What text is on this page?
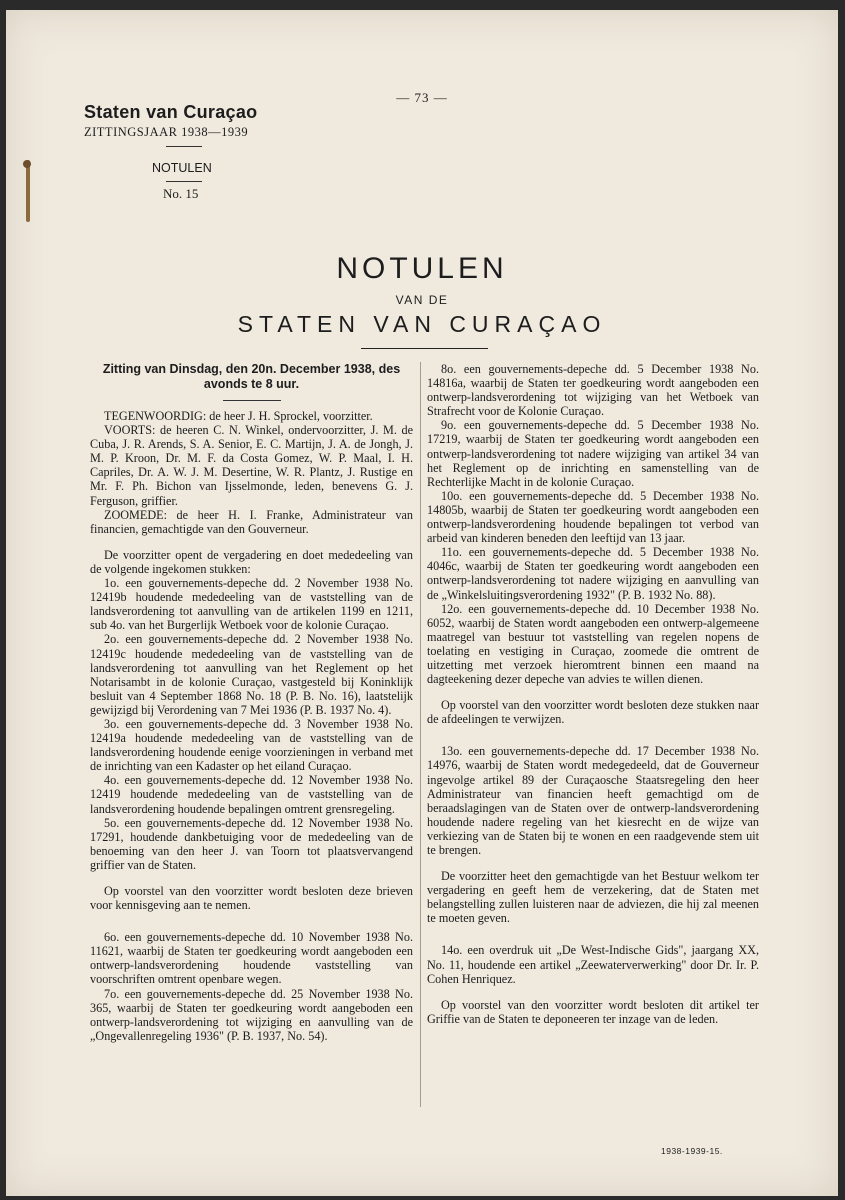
— 73 —
Staten van Curaçao
ZITTINGSJAAR 1938—1939
NOTULEN
No. 15
NOTULEN
VAN DE
STATEN VAN CURAÇAO
Zitting van Dinsdag, den 20n. December 1938, des avonds te 8 uur.

TEGENWOORDIG: de heer J. H. Sprockel, voorzitter.

VOORTS: de heeren C. N. Winkel, ondervoorzitter, J. M. de Cuba, J. R. Arends, S. A. Senior, E. C. Martijn, J. A. de Jongh, J. M. P. Kroon, Dr. M. F. da Costa Gomez, W. P. Maal, I. H. Capriles, Dr. A. W. J. M. Desertine, W. R. Plantz, J. Rustige en Mr. F. Ph. Bichon van Ijsselmonde, leden, benevens G. J. Ferguson, griffier.

ZOOMEDE: de heer H. I. Franke, Administrateur van financien, gemachtigde van den Gouverneur.

De voorzitter opent de vergadering en doet mededeeling van de volgende ingekomen stukken:

1o. een gouvernements-depeche dd. 2 November 1938 No. 12419b houdende mededeeling van de vaststelling van de landsverordening tot aanvulling van de artikelen 1199 en 1211, sub 4o. van het Burgerlijk Wetboek voor de kolonie Curaçao.

2o. een gouvernements-depeche dd. 2 November 1938 No. 12419c houdende mededeeling van de vaststelling van de landsverordening tot aanvulling van het Reglement op het Notarisambt in de kolonie Curaçao, vastgesteld bij Koninklijk besluit van 4 September 1868 No. 18 (P. B. No. 16), laatstelijk gewijzigd bij Verordening van 7 Mei 1936 (P. B. 1937 No. 4).

3o. een gouvernements-depeche dd. 3 November 1938 No. 12419a houdende mededeeling van de vaststelling van de landsverordening houdende eenige voorzieningen in verband met de inrichting van een Kadaster op het eiland Curaçao.

4o. een gouvernements-depeche dd. 12 November 1938 No. 12419 houdende mededeeling van de vaststelling van de landsverordening houdende bepalingen omtrent grensregeling.

5o. een gouvernements-depeche dd. 12 November 1938 No. 17291, houdende dankbetuiging voor de mededeeling van de benoeming van den heer J. van Toorn tot plaatsvervangend griffier van de Staten.

Op voorstel van den voorzitter wordt besloten deze brieven voor kennisgeving aan te nemen.

6o. een gouvernements-depeche dd. 10 November 1938 No. 11621, waarbij de Staten ter goedkeuring wordt aangeboden een ontwerp-landsverordening houdende vaststelling van voorschriften omtrent openbare wegen.

7o. een gouvernements-depeche dd. 25 November 1938 No. 365, waarbij de Staten ter goedkeuring wordt aangeboden een ontwerp-landsverordening tot wijziging en aanvulling van de „Ongevallenregeling 1936" (P. B. 1937, No. 54).

8o. een gouvernements-depeche dd. 5 December 1938 No. 14816a, waarbij de Staten ter goedkeuring wordt aangeboden een ontwerp-landsverordening tot wijziging van het Wetboek van Strafrecht voor de Kolonie Curaçao.

9o. een gouvernements-depeche dd. 5 December 1938 No. 17219, waarbij de Staten ter goedkeuring wordt aangeboden een ontwerp-landsverordening tot nadere wijziging van artikel 34 van het Reglement op de inrichting en samenstelling van de Rechterlijke Macht in de kolonie Curaçao.

10o. een gouvernements-depeche dd. 5 December 1938 No. 14805b, waarbij de Staten ter goedkeuring wordt aangeboden een ontwerp-landsverordening houdende bepalingen tot verbod van arbeid van kinderen beneden den leeftijd van 13 jaar.

11o. een gouvernements-depeche dd. 5 December 1938 No. 4046c, waarbij de Staten ter goedkeuring wordt aangeboden een ontwerp-landsverordening tot nadere wijziging en aanvulling van de „Winkelsluitingsverordening 1932" (P. B. 1932 No. 88).

12o. een gouvernements-depeche dd. 10 December 1938 No. 6052, waarbij de Staten wordt aangeboden een ontwerp-algemeene maatregel van bestuur tot vaststelling van regelen nopens de toelating en vestiging in Curaçao, zoomede die omtrent de uitzetting met verzoek hieromtrent binnen een maand na dagteekening dezer depeche van advies te willen dienen.

Op voorstel van den voorzitter wordt besloten deze stukken naar de afdeelingen te verwijzen.

13o. een gouvernements-depeche dd. 17 December 1938 No. 14976, waarbij de Staten wordt medegedeeld, dat de Gouverneur ingevolge artikel 89 der Curaçaosche Staatsregeling den heer Administrateur van financien heeft gemachtigd om de beraadslagingen van de Staten over de ontwerp-landsverordening houdende nadere regeling van het kiesrecht en de wijze van verkiezing van de Staten bij te wonen en een raadgevende stem uit te brengen.

De voorzitter heet den gemachtigde van het Bestuur welkom ter vergadering en geeft hem de verzekering, dat de Staten met belangstelling zullen luisteren naar de adviezen, die hij zal meenen te moeten geven.

14o. een overdruk uit „De West-Indische Gids", jaargang XX, No. 11, houdende een artikel „Zeewaterverwerking" door Dr. Ir. P. Cohen Henriquez.

Op voorstel van den voorzitter wordt besloten dit artikel ter Griffie van de Staten te deponeeren ter inzage van de leden.

1938-1939-15.
